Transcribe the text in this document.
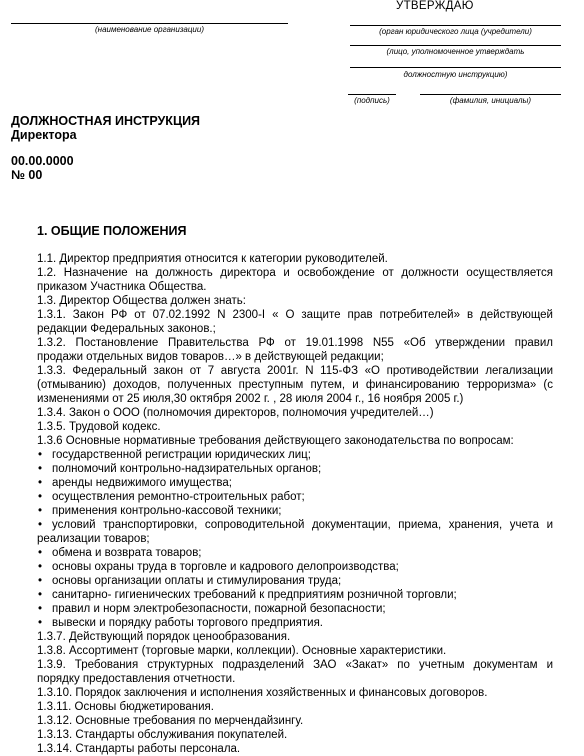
УТВЕРЖДАЮ
(наименование организации)	(орган юридического лица (учредители)
(лицо, уполномоченное утверждать
должностную инструкцию)
(подпись)	(фамилия, инициалы)
ДОЛЖНОСТНАЯ ИНСТРУКЦИЯ
Директора
00.00.0000
№ 00
1. ОБЩИЕ ПОЛОЖЕНИЯ
1.1. Директор предприятия относится к категории руководителей.
1.2. Назначение на должность директора и освобождение от должности осуществляется
приказом Участника Общества.
1.3. Директор Общества должен знать:
1.3.1. Закон РФ от 07.02.1992 N 2300-I « О защите прав потребителей» в действующей
редакции Федеральных законов.;
1.3.2. Постановление Правительства РФ от 19.01.1998 N55 «Об утверждении правил
продажи отдельных видов товаров…» в действующей редакции;
1.3.3. Федеральный закон от 7 августа 2001г. N 115-ФЗ «О противодействии легализации
(отмыванию) доходов, полученных преступным путем, и финансированию терроризма» (с
изменениями от 25 июля,30 октября 2002 г. , 28 июля 2004 г., 16 ноября 2005 г.)
1.3.4. Закон о ООО (полномочия директоров, полномочия учредителей…)
1.3.5. Трудовой кодекс.
1.3.6 Основные нормативные требования действующего законодательства по вопросам:
• государственной регистрации юридических лиц;
• полномочий контрольно-надзирательных органов;
• аренды недвижимого имущества;
• осуществления ремонтно-строительных работ;
• применения контрольно-кассовой техники;
• условий транспортировки, сопроводительной документации, приема, хранения, учета и
реализации товаров;
• обмена и возврата товаров;
• основы охраны труда в торговле и кадрового делопроизводства;
• основы организации оплаты и стимулирования труда;
• санитарно- гигиенических требований к предприятиям розничной торговли;
• правил и норм электробезопасности, пожарной безопасности;
• вывески и порядку работы торгового предприятия.
1.3.7. Действующий порядок ценообразования.
1.3.8. Ассортимент (торговые марки, коллекции). Основные характеристики.
1.3.9. Требования структурных подразделений ЗАО «Закат» по учетным документам и
порядку предоставления отчетности.
1.3.10. Порядок заключения и исполнения хозяйственных и финансовых договоров.
1.3.11. Основы бюджетирования.
1.3.12. Основные требования по мерчендайзингу.
1.3.13. Стандарты обслуживания покупателей.
1.3.14. Стандарты работы персонала.
